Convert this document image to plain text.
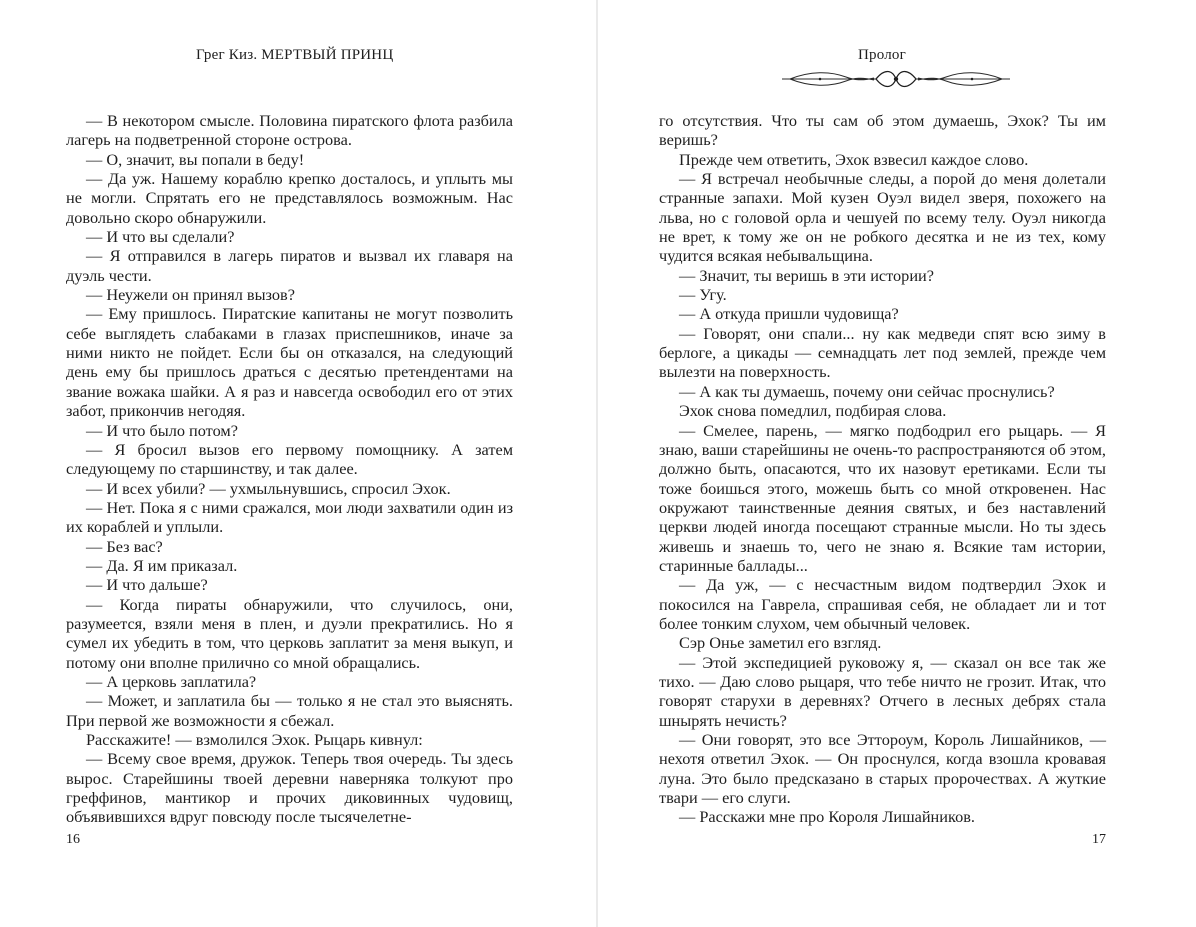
Грег Киз. МЕРТВЫЙ ПРИНЦ

— В некотором смысле. Половина пиратского флота разбила лагерь на подветренной стороне острова.

— О, значит, вы попали в беду!

— Да уж. Нашему кораблю крепко досталось, и уплыть мы не могли. Спрятать его не представлялось возможным. Нас довольно скоро обнаружили.

— И что вы сделали?

— Я отправился в лагерь пиратов и вызвал их главаря на дуэль чести.

— Неужели он принял вызов?

— Ему пришлось. Пиратские капитаны не могут позволить себе выглядеть слабаками в глазах приспешников, иначе за ними никто не пойдет. Если бы он отказался, на следующий день ему бы пришлось драться с десятью претендентами на звание вожака шайки. А я раз и навсегда освободил его от этих забот, прикончив негодяя.

— И что было потом?

— Я бросил вызов его первому помощнику. А затем следующему по старшинству, и так далее.

— И всех убили? — ухмыльнувшись, спросил Эхок.

— Нет. Пока я с ними сражался, мои люди захватили один из их кораблей и уплыли.

— Без вас?

— Да. Я им приказал.

— И что дальше?

— Когда пираты обнаружили, что случилось, они, разумеется, взяли меня в плен, и дуэли прекратились. Но я сумел их убедить в том, что церковь заплатит за меня выкуп, и потому они вполне прилично со мной обращались.

— А церковь заплатила?

— Может, и заплатила бы — только я не стал это выяснять. При первой же возможности я сбежал.

Расскажите! — взмолился Эхок. Рыцарь кивнул:

— Всему свое время, дружок. Теперь твоя очередь. Ты здесь вырос. Старейшины твоей деревни наверняка толкуют про греффинов, мантикор и прочих диковинных чудовищ, объявившихся вдруг повсюду после тысячелетне-

16
Пролог

го отсутствия. Что ты сам об этом думаешь, Эхок? Ты им веришь?

Прежде чем ответить, Эхок взвесил каждое слово.

— Я встречал необычные следы, а порой до меня долетали странные запахи. Мой кузен Оуэл видел зверя, похожего на льва, но с головой орла и чешуей по всему телу. Оуэл никогда не врет, к тому же он не робкого десятка и не из тех, кому чудится всякая небывальщина.

— Значит, ты веришь в эти истории?

— Угу.

— А откуда пришли чудовища?

— Говорят, они спали... ну как медведи спят всю зиму в берлоге, а цикады — семнадцать лет под землей, прежде чем вылезти на поверхность.

— А как ты думаешь, почему они сейчас проснулись?

Эхок снова помедлил, подбирая слова.

— Смелее, парень, — мягко подбодрил его рыцарь. — Я знаю, ваши старейшины не очень-то распространяются об этом, должно быть, опасаются, что их назовут еретиками. Если ты тоже боишься этого, можешь быть со мной откровенен. Нас окружают таинственные деяния святых, и без наставлений церкви людей иногда посещают странные мысли. Но ты здесь живешь и знаешь то, чего не знаю я. Всякие там истории, старинные баллады...

— Да уж, — с несчастным видом подтвердил Эхок и покосился на Гаврела, спрашивая себя, не обладает ли и тот более тонким слухом, чем обычный человек.

Сэр Онье заметил его взгляд.

— Этой экспедицией руковожу я, — сказал он все так же тихо. — Даю слово рыцаря, что тебе ничто не грозит. Итак, что говорят старухи в деревнях? Отчего в лесных дебрях стала шнырять нечисть?

— Они говорят, это все Эттороум, Король Лишайников, — нехотя ответил Эхок. — Он проснулся, когда взошла кровавая луна. Это было предсказано в старых пророчествах. А жуткие твари — его слуги.

— Расскажи мне про Короля Лишайников.

17
